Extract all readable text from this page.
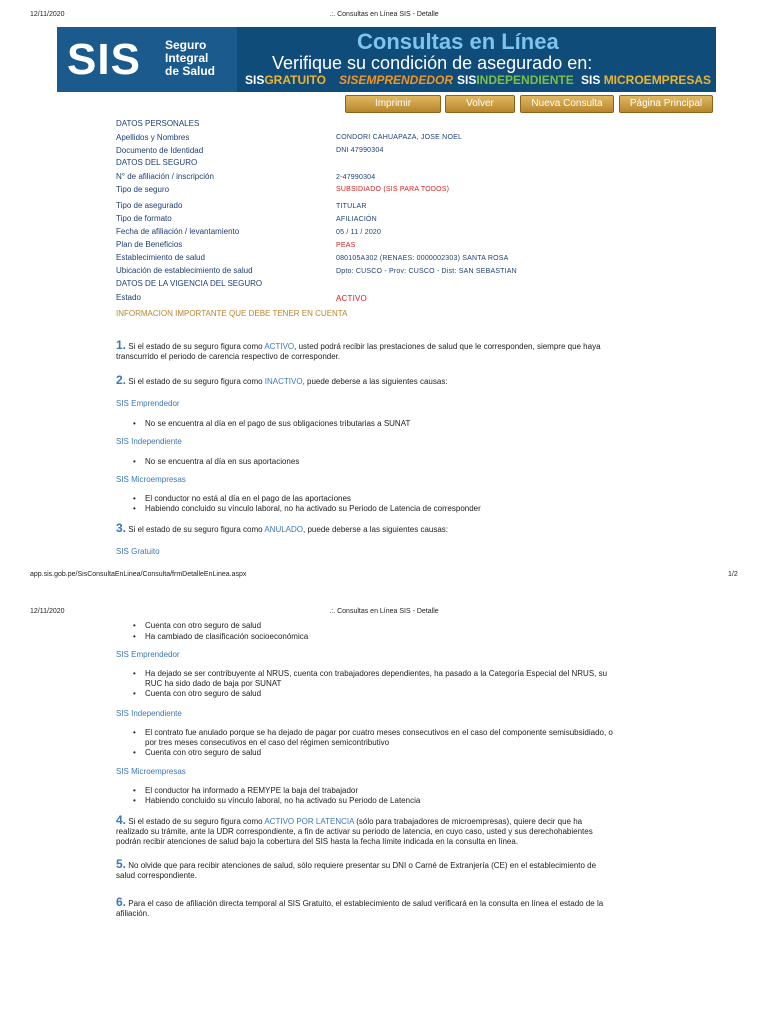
12/11/2020	.:. Consultas en Línea SIS - Detalle
SIS Seguro
Integral
de Salud
Consultas en Línea
Verifique su condición de asegurado en:
SISGRATUITO SISEMPRENDEDOR SISINDEPENDIENTE SIS MICROEMPRESAS
Imprimir	Volver	Nueva Consulta	Página Principal
DATOS PERSONALES
Apellidos y Nombres	CONDORI CAHUAPAZA, JOSE NOEL
Documento de Identidad	DNI 47990304
DATOS DEL SEGURO
N° de afiliación / inscripción	2-47990304
Tipo de seguro	SUBSIDIADO (SIS PARA TODOS)
Tipo de asegurado	TITULAR
Tipo de formato	AFILIACIÓN
Fecha de afiliación / levantamiento	05 / 11 / 2020
Plan de Beneficios	PEAS
Establecimiento de salud	080105A302 (RENAES: 0000002303) SANTA ROSA
Ubicación de establecimiento de salud	Dpto: CUSCO - Prov: CUSCO - Dist: SAN SEBASTIAN
DATOS DE LA VIGENCIA DEL SEGURO
Estado	ACTIVO
INFORMACION IMPORTANTE QUE DEBE TENER EN CUENTA
1. Si el estado de su seguro figura como ACTIVO, usted podrá recibir las prestaciones de salud que le corresponden, siempre que haya
transcurrido el periodo de carencia respectivo de corresponder.
2. Si el estado de su seguro figura como INACTIVO, puede deberse a las siguientes causas:
SIS Emprendedor
• No se encuentra al día en el pago de sus obligaciones tributarias a SUNAT
SIS Independiente
• No se encuentra al día en sus aportaciones
SIS Microempresas
• El conductor no está al día en el pago de las aportaciones
• Habiendo concluido su vínculo laboral, no ha activado su Periodo de Latencia de corresponder
3. Si el estado de su seguro figura como ANULADO, puede deberse a las siguientes causas:
SIS Gratuito
app.sis.gob.pe/SisConsultaEnLinea/Consulta/frmDetalleEnLinea.aspx	1/2
12/11/2020	.:. Consultas en Línea SIS - Detalle
• Cuenta con otro seguro de salud
• Ha cambiado de clasificación socioeconómica
SIS Emprendedor
• Ha dejado se ser contribuyente al NRUS, cuenta con trabajadores dependientes, ha pasado a la Categoría Especial del NRUS, su
RUC ha sido dado de baja por SUNAT
• Cuenta con otro seguro de salud
SIS Independiente
• El contrato fue anulado porque se ha dejado de pagar por cuatro meses consecutivos en el caso del componente semisubsidiado, o
por tres meses consecutivos en el caso del régimen semicontributivo
• Cuenta con otro seguro de salud
SIS Microempresas
• El conductor ha informado a REMYPE la baja del trabajador
• Habiendo concluido su vínculo laboral, no ha activado su Periodo de Latencia
4. Si el estado de su seguro figura como ACTIVO POR LATENCIA (sólo para trabajadores de microempresas), quiere decir que ha
realizado su trámite, ante la UDR correspondiente, a fin de activar su periodo de latencia, en cuyo caso, usted y sus derechohabientes
podrán recibir atenciones de salud bajo la cobertura del SIS hasta la fecha límite indicada en la consulta en línea.
5. No olvide que para recibir atenciones de salud, sólo requiere presentar su DNI o Carné de Extranjería (CE) en el establecimiento de
salud correspondiente.
6. Para el caso de afiliación directa temporal al SIS Gratuito, el establecimiento de salud verificará en la consulta en línea el estado de la
afiliación.
